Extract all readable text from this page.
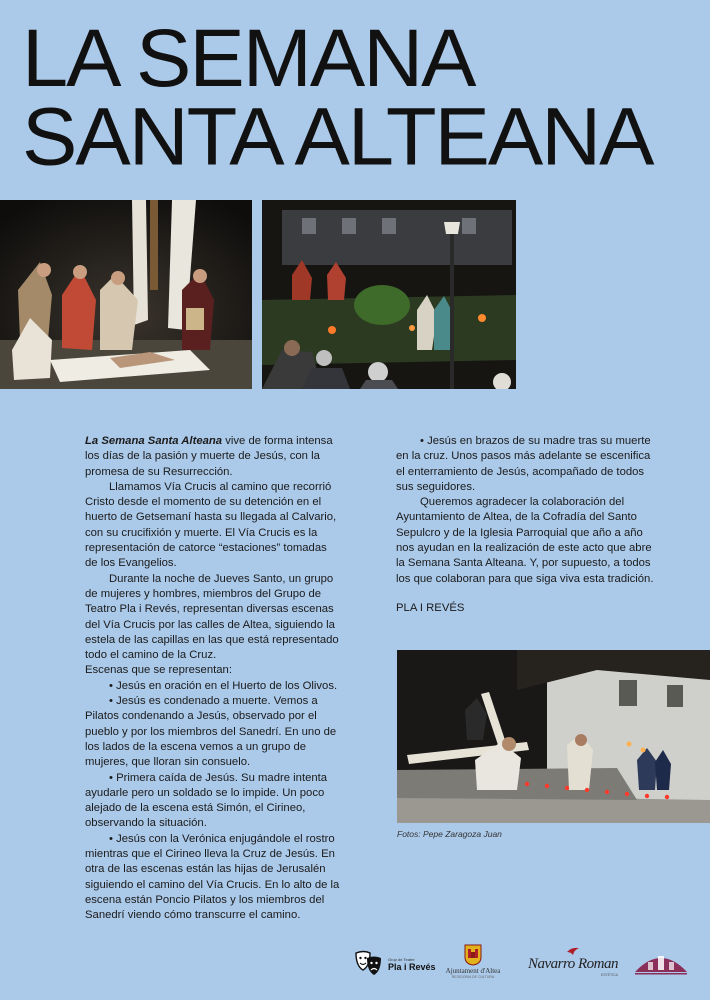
LA SEMANA
SANTA ALTEANA

La Semana Santa Alteana vive de forma intensa los días de la pasión y muerte de Jesús, con la promesa de su Resurrección.

Llamamos Vía Crucis al camino que recorrió Cristo desde el momento de su detención en el huerto de Getsemaní hasta su llegada al Calvario, con su crucifixión y muerte. El Vía Crucis es la representación de catorce “estaciones” tomadas de los Evangelios.

Durante la noche de Jueves Santo, un grupo de mujeres y hombres, miembros del Grupo de Teatro Pla i Revés, representan diversas escenas del Vía Crucis por las calles de Altea, siguiendo la estela de las capillas en las que está representado todo el camino de la Cruz.

Escenas que se representan:

• Jesús en oración en el Huerto de los Olivos.

• Jesús es condenado a muerte. Vemos a Pilatos condenando a Jesús, observado por el pueblo y por los miembros del Sanedrí. En uno de los lados de la escena vemos a un grupo de mujeres, que lloran sin consuelo.

• Primera caída de Jesús. Su madre intenta ayudarle pero un soldado se lo impide. Un poco alejado de la escena está Simón, el Cirineo, observando la situación.

• Jesús con la Verónica enjugándole el rostro mientras que el Cirineo lleva la Cruz de Jesús. En otra de las escenas están las hijas de Jerusalén siguiendo el camino del Vía Crucis. En lo alto de la escena están Poncio Pilatos y los miembros del Sanedrí viendo cómo transcurre el camino.

• Jesús en brazos de su madre tras su muerte en la cruz. Unos pasos más adelante se escenifica el enterramiento de Jesús, acompañado de todos sus seguidores.

Queremos agradecer la colaboración del Ayuntamiento de Altea, de la Cofradía del Santo Sepulcro y de la Iglesia Parroquial que año a año nos ayudan en la realización de este acto que abre la Semana Santa Alteana. Y, por supuesto, a todos los que colaboran para que siga viva esta tradición.

PLA I REVÉS

Fotos: Pepe Zaragoza Juan
Grup de Teatre
Pla i Revés Ajuntament d'Altea
REGIDORIA DE CULTURA
Navarro Roman
ESTÉTICA
